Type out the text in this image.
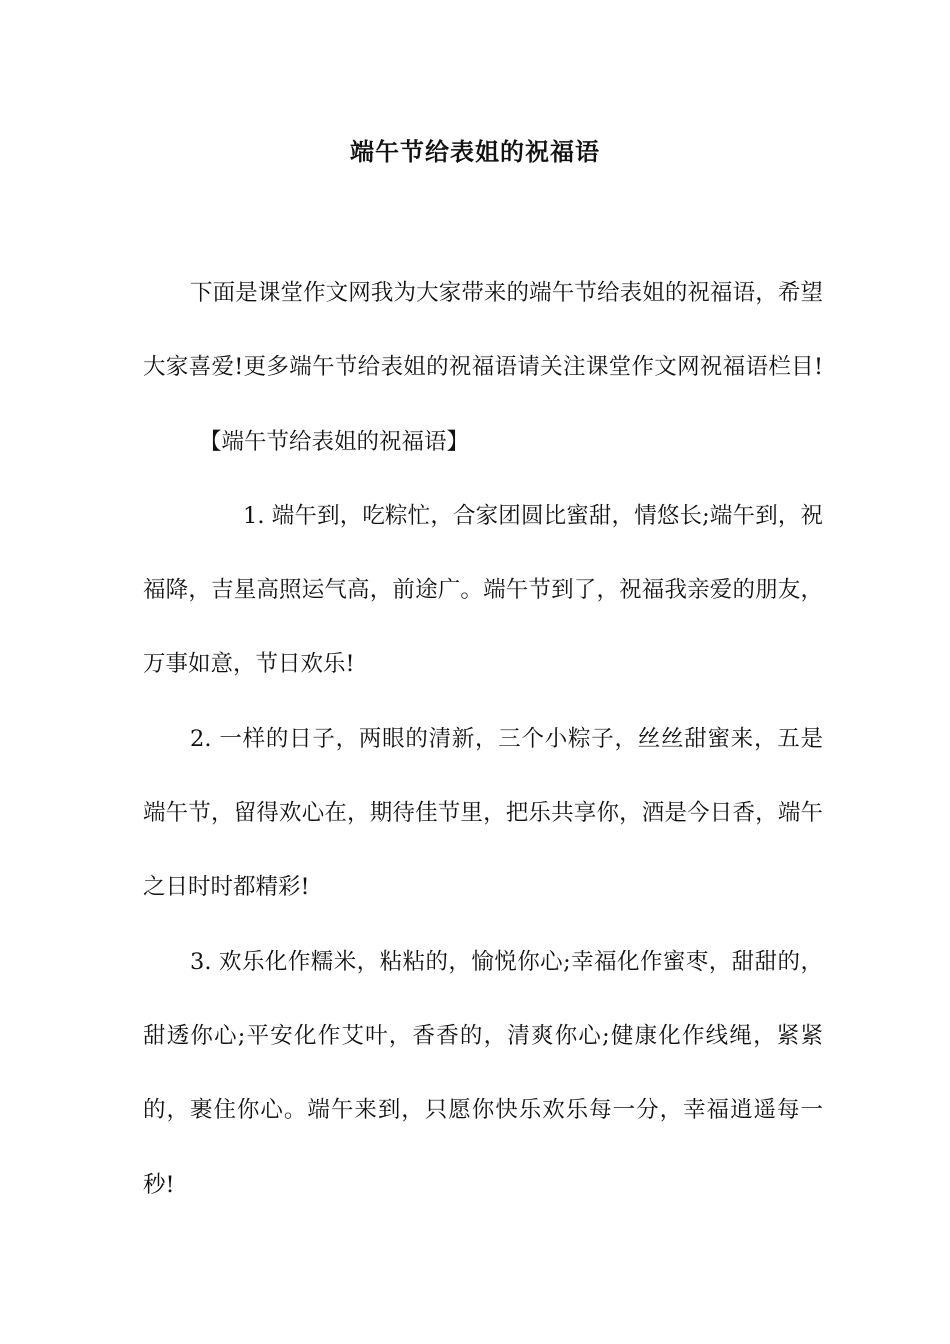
端午节给表姐的祝福语

下面是课堂作文网我为大家带来的端午节给表姐的祝福语，希望大家喜爱!更多端午节给表姐的祝福语请关注课堂作文网祝福语栏目!【端午节给表姐的祝福语】

1. 端午到，吃粽忙，合家团圆比蜜甜，情悠长;端午到，祝福降，吉星高照运气高，前途广。端午节到了，祝福我亲爱的朋友，万事如意，节日欢乐!

2. 一样的日子，两眼的清新，三个小粽子，丝丝甜蜜来，五是端午节，留得欢心在，期待佳节里，把乐共享你，酒是今日香，端午之日时时都精彩!

3. 欢乐化作糯米，粘粘的，愉悦你心;幸福化作蜜枣，甜甜的，甜透你心;平安化作艾叶，香香的，清爽你心;健康化作线绳，紧紧的，裹住你心。端午来到，只愿你快乐欢乐每一分，幸福逍遥每一秒!
